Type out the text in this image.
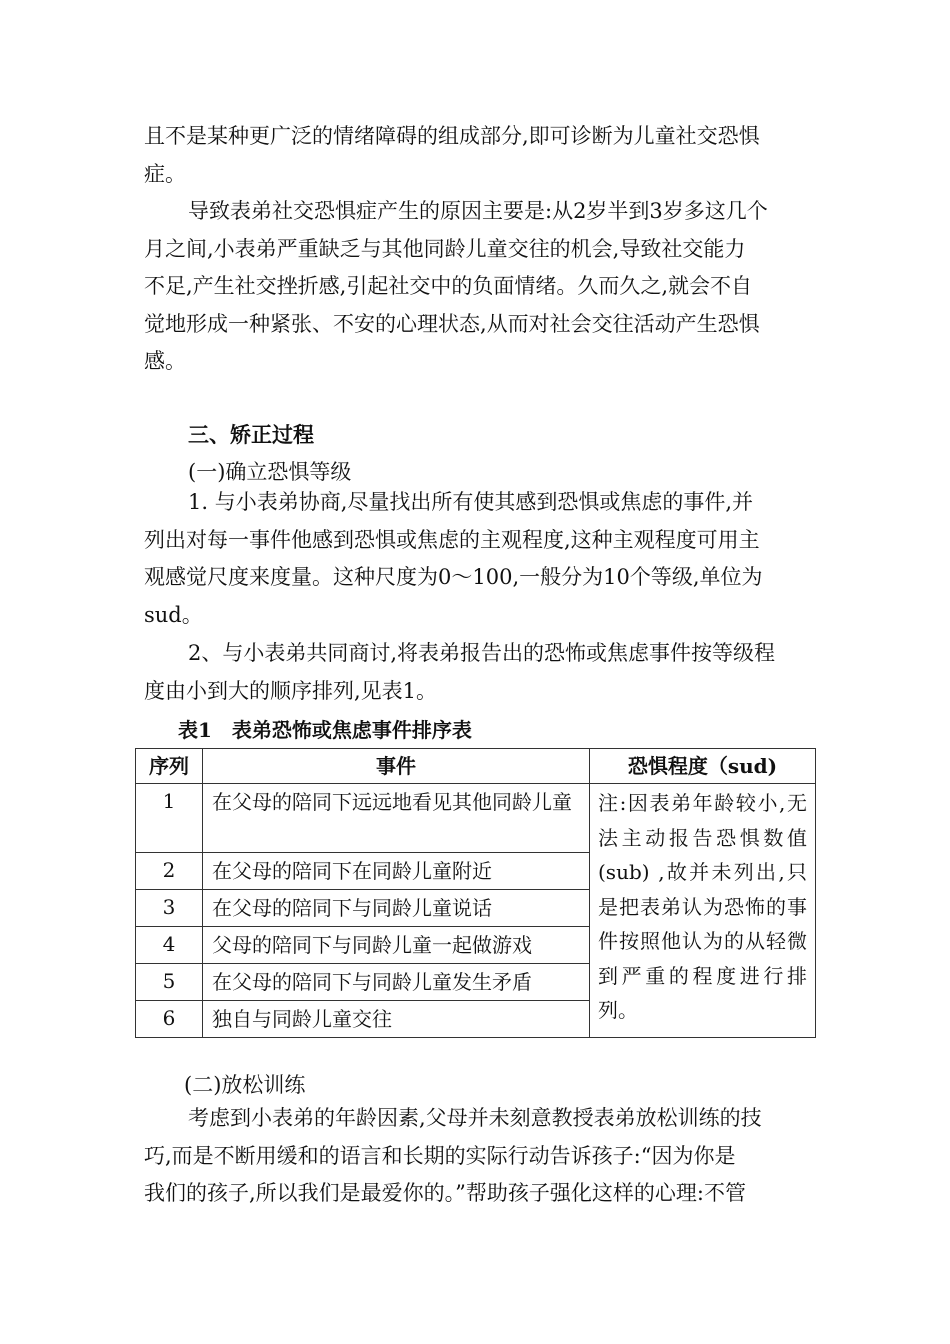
且不是某种更广泛的情绪障碍的组成部分,即可诊断为儿童社交恐惧
症。
导致表弟社交恐惧症产生的原因主要是:从2岁半到3岁多这几个
月之间,小表弟严重缺乏与其他同龄儿童交往的机会,导致社交能力
不足,产生社交挫折感,引起社交中的负面情绪。久而久之,就会不自
觉地形成一种紧张、不安的心理状态,从而对社会交往活动产生恐惧
感。

三、矫正过程

(一)确立恐惧等级

1. 与小表弟协商,尽量找出所有使其感到恐惧或焦虑的事件,并
列出对每一事件他感到恐惧或焦虑的主观程度,这种主观程度可用主
观感觉尺度来度量。这种尺度为0～100,一般分为10个等级,单位为
sud。
2、与小表弟共同商讨,将表弟报告出的恐怖或焦虑事件按等级程
度由小到大的顺序排列,见表1。

表1　表弟恐怖或焦虑事件排序表

序列	事件	恐惧程度（sud)
1	在父母的陪同下远远地看见其他同龄儿童	注:因表弟年龄较小,无法主动报告恐惧数值(sub) ,故并未列出,只是把表弟认为恐怖的事件按照他认为的从轻微到严重的程度进行排列。
2	在父母的陪同下在同龄儿童附近	
3	在父母的陪同下与同龄儿童说话	
4	父母的陪同下与同龄儿童一起做游戏	
5	在父母的陪同下与同龄儿童发生矛盾	
6	独自与同龄儿童交往	

(二)放松训练

考虑到小表弟的年龄因素,父母并未刻意教授表弟放松训练的技
巧,而是不断用缓和的语言和长期的实际行动告诉孩子:“因为你是
我们的孩子,所以我们是最爱你的。”帮助孩子强化这样的心理:不管
